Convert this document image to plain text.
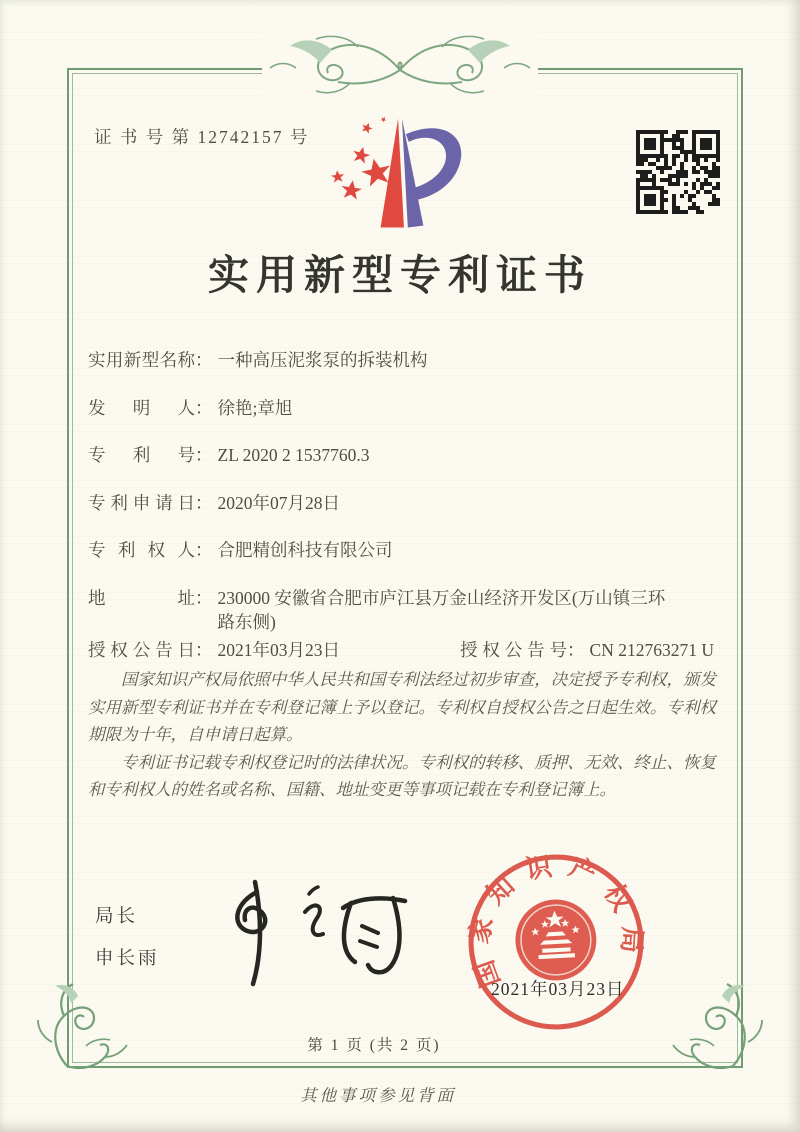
证 书 号 第 12742157 号
实用新型专利证书
实用新型名称 ： 一种高压泥浆泵的拆装机构
发明人 ： 徐艳;章旭
专利号 ： ZL 2020 2 1537760.3
专利申请日 ： 2020年07月28日
专利权人 ： 合肥精创科技有限公司
地址 ： 230000 安徽省合肥市庐江县万金山经济开发区(万山镇三环路东侧)
授权公告日 ： 2021年03月23日	授权公告号 ： CN 212763271 U

国家知识产权局依照中华人民共和国专利法经过初步审查，决定授予专利权，颁发实用新型专利证书并在专利登记簿上予以登记。专利权自授权公告之日起生效。专利权期限为十年，自申请日起算。

专利证书记载专利权登记时的法律状况。专利权的转移、质押、无效、终止、恢复和专利权人的姓名或名称、国籍、地址变更等事项记载在专利登记簿上。

局长
申长雨	国家知识产权局
2021年03月23日
第 1 页 (共 2 页)
其他事项参见背面
